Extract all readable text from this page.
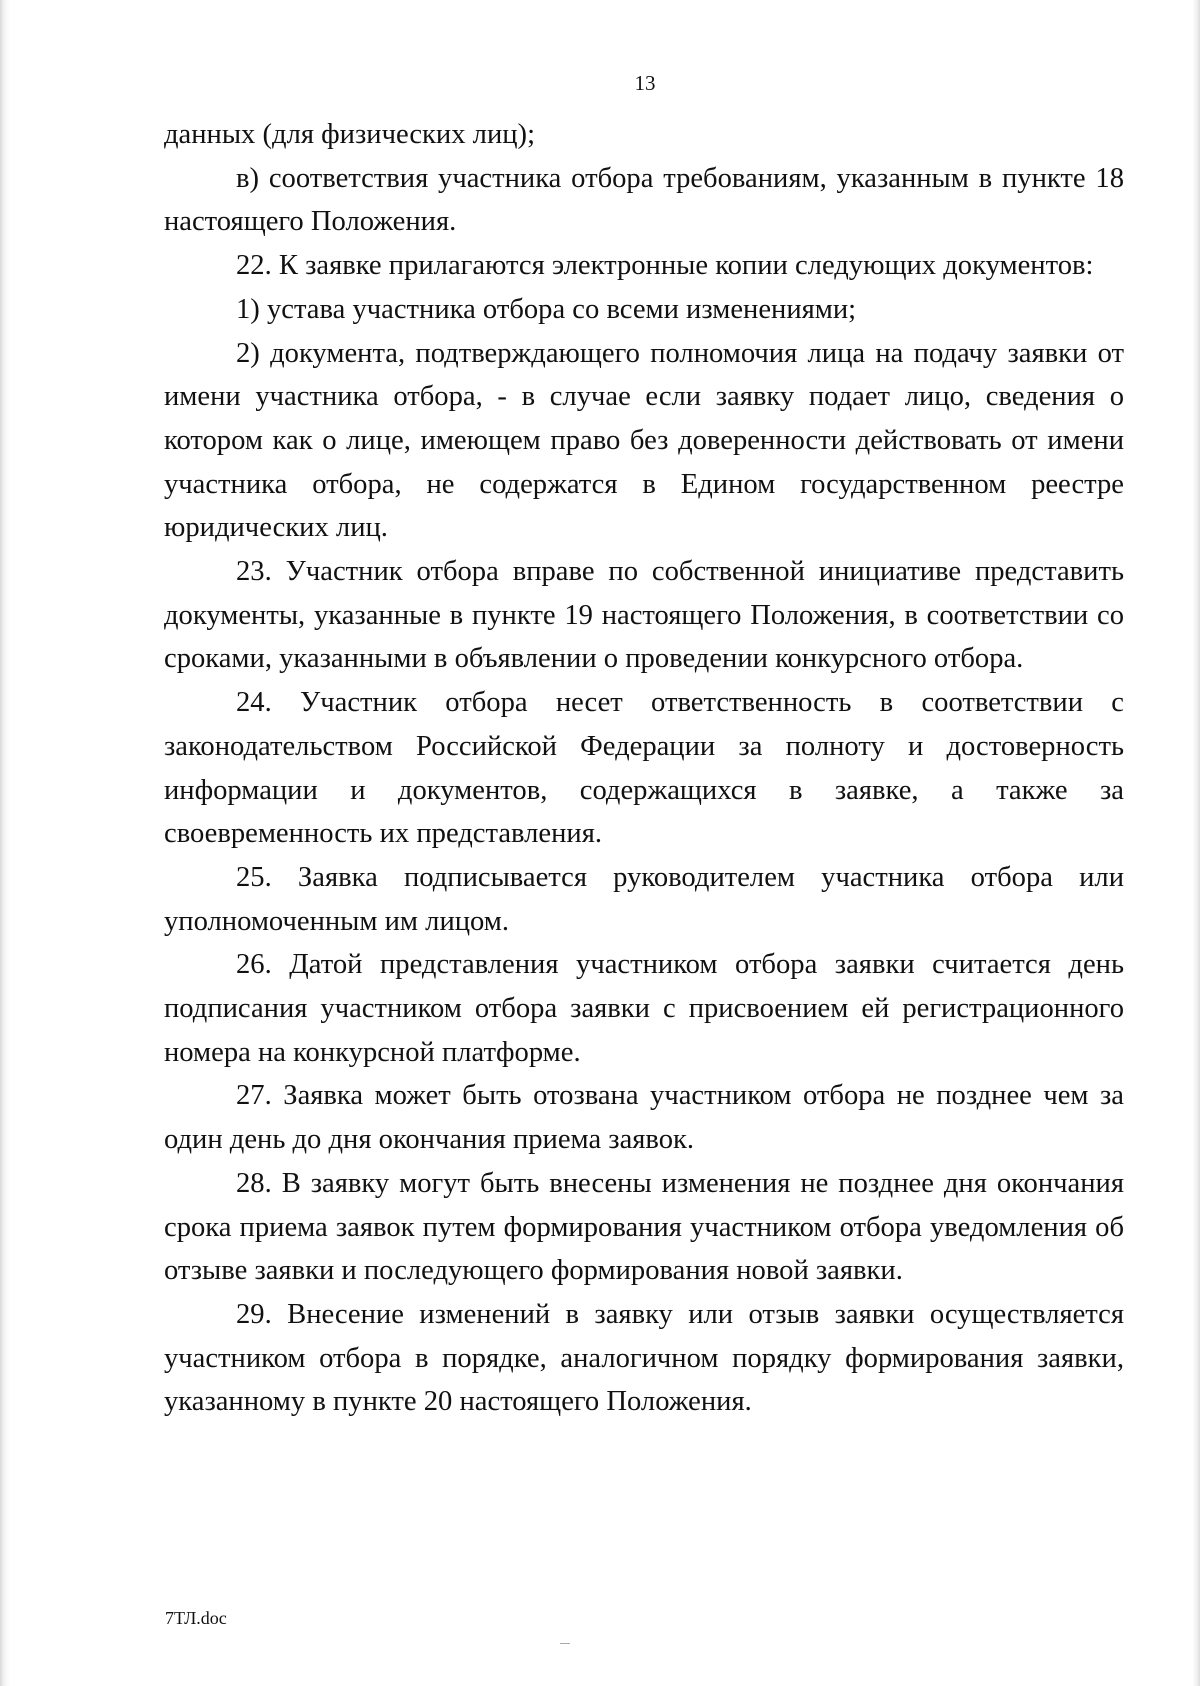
13

данных (для физических лиц);

в) соответствия участника отбора требованиям, указанным в пункте 18 настоящего Положения.

22. К заявке прилагаются электронные копии следующих документов:

1) устава участника отбора со всеми изменениями;

2) документа, подтверждающего полномочия лица на подачу заявки от имени участника отбора, - в случае если заявку подает лицо, сведения о котором как о лице, имеющем право без доверенности действовать от имени участника отбора, не содержатся в Едином государственном реестре юридических лиц.

23. Участник отбора вправе по собственной инициативе представить документы, указанные в пункте 19 настоящего Положения, в соответствии со сроками, указанными в объявлении о проведении конкурсного отбора.

24. Участник отбора несет ответственность в соответствии с законодательством Российской Федерации за полноту и достоверность информации и документов, содержащихся в заявке, а также за своевременность их представления.

25. Заявка подписывается руководителем участника отбора или уполномоченным им лицом.

26. Датой представления участником отбора заявки считается день подписания участником отбора заявки с присвоением ей регистрационного номера на конкурсной платформе.

27. Заявка может быть отозвана участником отбора не позднее чем за один день до дня окончания приема заявок.

28. В заявку могут быть внесены изменения не позднее дня окончания срока приема заявок путем формирования участником отбора уведомления об отзыве заявки и последующего формирования новой заявки.

29. Внесение изменений в заявку или отзыв заявки осуществляется участником отбора в порядке, аналогичном порядку формирования заявки, указанному в пункте 20 настоящего Положения.

7ТЛ.doc
